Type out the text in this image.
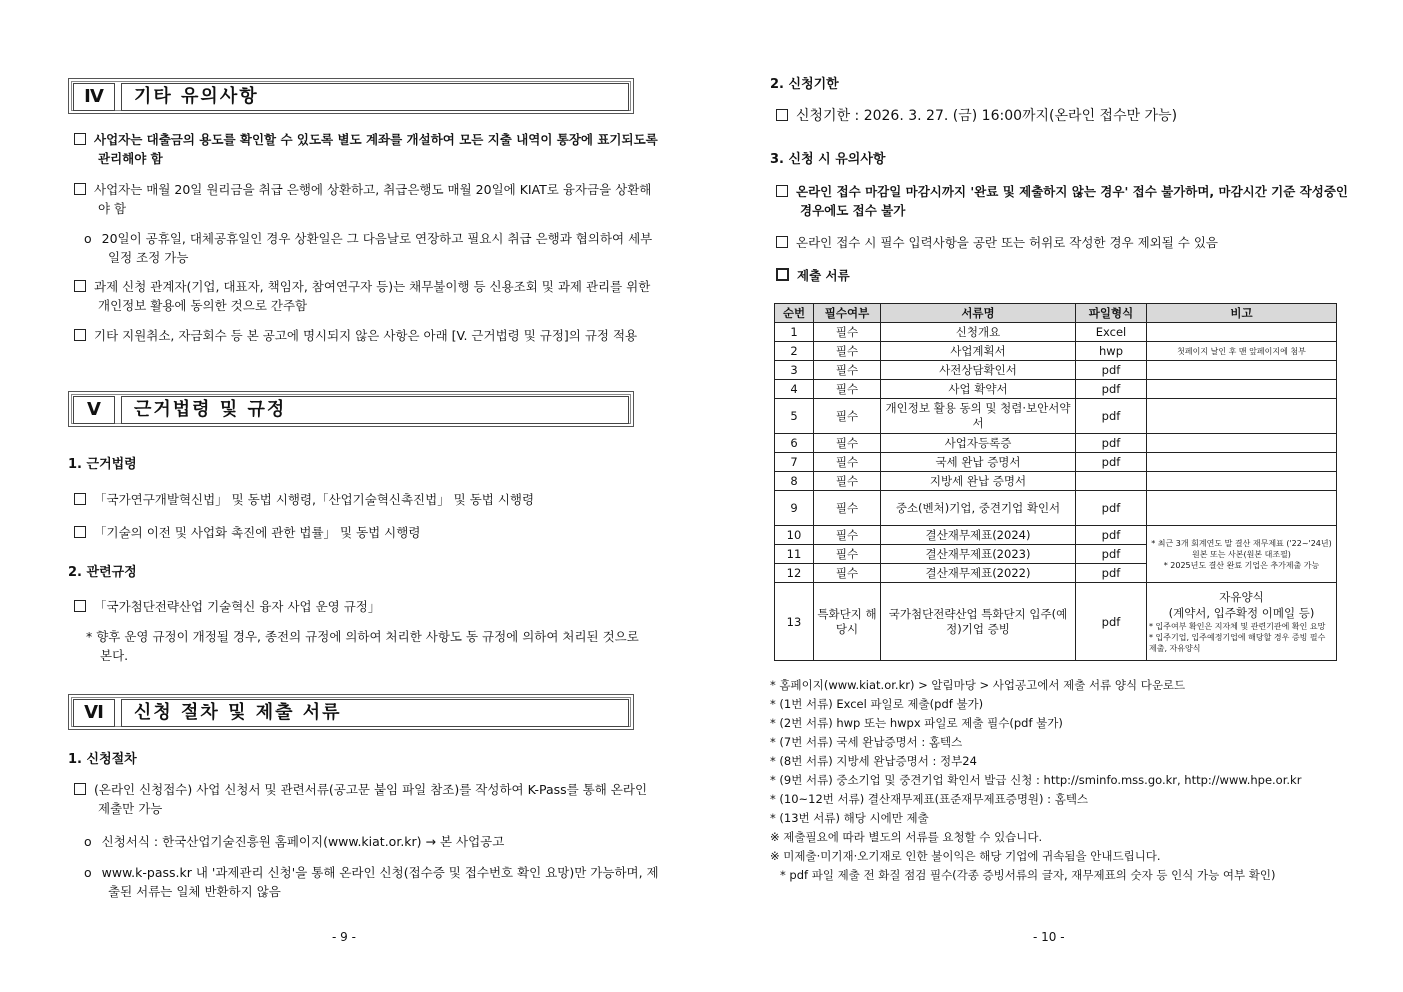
Ⅳ	기타 유의사항
사업자는 대출금의 용도를 확인할 수 있도록 별도 계좌를 개설하여 모든 지출 내역이 통장에 표기되도록 관리해야 함
사업자는 매월 20일 원리금을 취급 은행에 상환하고, 취급은행도 매월 20일에 KIAT로 융자금을 상환해야 함
o 20일이 공휴일, 대체공휴일인 경우 상환일은 그 다음날로 연장하고 필요시 취급 은행과 협의하여 세부일정 조정 가능
과제 신청 관계자(기업, 대표자, 책임자, 참여연구자 등)는 채무불이행 등 신용조회 및 과제 관리를 위한 개인정보 활용에 동의한 것으로 간주함
기타 지원취소, 자금회수 등 본 공고에 명시되지 않은 사항은 아래 [V. 근거법령 및 규정]의 규정 적용
Ⅴ	근거법령 및 규정
1. 근거법령
「국가연구개발혁신법」 및 동법 시행령,「산업기술혁신촉진법」 및 동법 시행령
「기술의 이전 및 사업화 촉진에 관한 법률」 및 동법 시행령
2. 관련규정
「국가첨단전략산업 기술혁신 융자 사업 운영 규정」
* 향후 운영 규정이 개정될 경우, 종전의 규정에 의하여 처리한 사항도 동 규정에 의하여 처리된 것으로 본다.
Ⅵ	신청 절차 및 제출 서류
1. 신청절차
(온라인 신청접수) 사업 신청서 및 관련서류(공고문 붙임 파일 참조)를 작성하여 K-Pass를 통해 온라인 제출만 가능
o 신청서식 : 한국산업기술진흥원 홈페이지(www.kiat.or.kr) → 본 사업공고
o www.k-pass.kr 내 '과제관리 신청'을 통해 온라인 신청(접수증 및 접수번호 확인 요망)만 가능하며, 제출된 서류는 일체 반환하지 않음
- 9 -
2. 신청기한
신청기한 : 2026. 3. 27. (금) 16:00까지(온라인 접수만 가능)
3. 신청 시 유의사항
온라인 접수 마감일 마감시까지 '완료 및 제출하지 않는 경우' 접수 불가하며, 마감시간 기준 작성중인 경우에도 접수 불가
온라인 접수 시 필수 입력사항을 공란 또는 허위로 작성한 경우 제외될 수 있음
제출 서류
순번	필수여부	서류명	파일형식	비고
1	필수	신청개요	Excel	
2	필수	사업계획서	hwp	첫페이지 날인 후 맨 앞페이지에 첨부
3	필수	사전상담확인서	pdf	
4	필수	사업 확약서	pdf	
5	필수	개인정보 활용 동의 및 청렴·보안서약서	pdf	
6	필수	사업자등록증	pdf	
7	필수	국세 완납 증명서	pdf	
8	필수	지방세 완납 증명서		
9	필수	중소(벤처)기업, 중견기업 확인서	pdf	
10	필수	결산재무제표(2024)	pdf	* 최근 3개 회계연도 말 결산 재무제표 ('22~'24년) 원본 또는 사본(원본 대조필)
* 2025년도 결산 완료 기업은 추가제출 가능

11	필수	결산재무제표(2023)	pdf	
12	필수	결산재무제표(2022)	pdf	
13	특화단지 해당시	국가첨단전략산업 특화단지 입주(예정)기업 증빙	pdf	자유양식
(계약서, 입주확정 이메일 등)
* 입주여부 확인은 지자체 및 관련기관에 확인 요망
* 입주기업, 입주예정기업에 해당할 경우 증빙 필수 제출, 자유양식
* 홈페이지(www.kiat.or.kr) > 알림마당 > 사업공고에서 제출 서류 양식 다운로드
* (1번 서류) Excel 파일로 제출(pdf 불가)
* (2번 서류) hwp 또는 hwpx 파일로 제출 필수(pdf 불가)
* (7번 서류) 국세 완납증명서 : 홈텍스
* (8번 서류) 지방세 완납증명서 : 정부24
* (9번 서류) 중소기업 및 중견기업 확인서 발급 신청 : http://sminfo.mss.go.kr, http://www.hpe.or.kr
* (10~12번 서류) 결산재무제표(표준재무제표증명원) : 홈텍스
* (13번 서류) 해당 시에만 제출
※ 제출필요에 따라 별도의 서류를 요청할 수 있습니다.
※ 미제출·미기재·오기재로 인한 불이익은 해당 기업에 귀속됨을 안내드립니다.
* pdf 파일 제출 전 화질 점검 필수(각종 증빙서류의 글자, 재무제표의 숫자 등 인식 가능 여부 확인)
- 10 -
